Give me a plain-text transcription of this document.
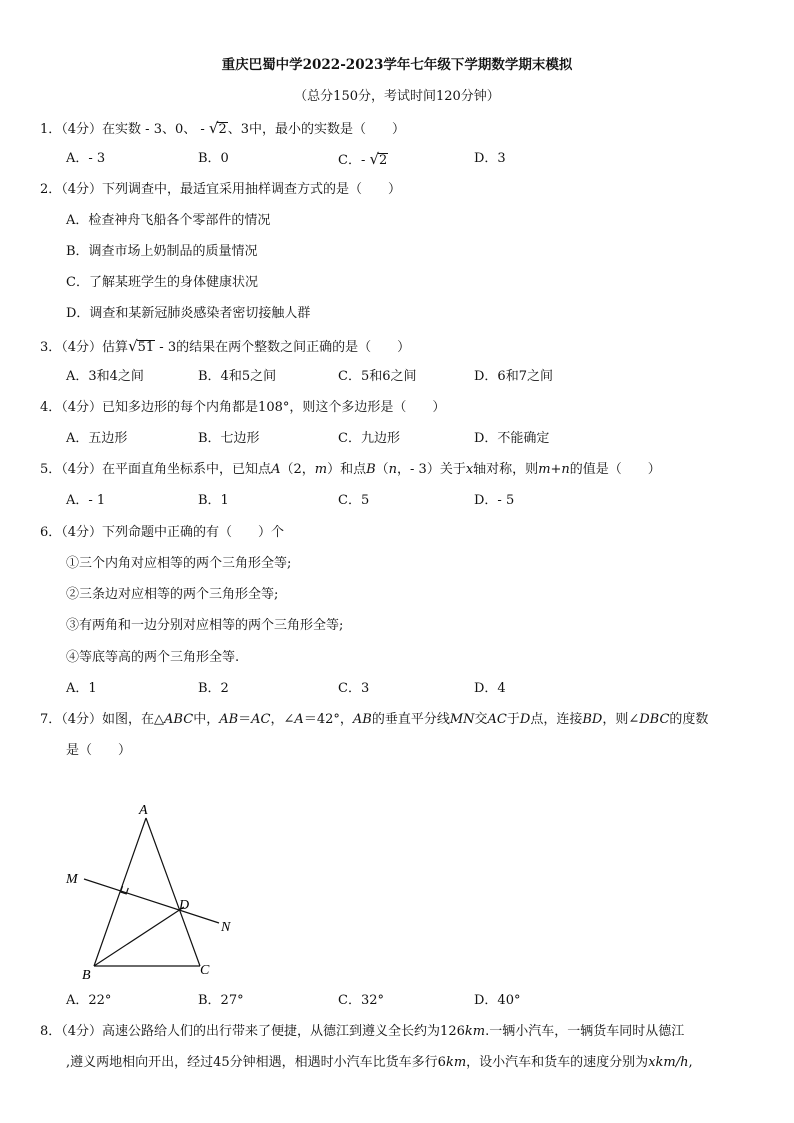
重庆巴蜀中学2022-2023学年七年级下学期数学期末模拟
（总分150分，考试时间120分钟）
1．（4分）在实数 - 3、0、 - √2、3中，最小的实数是（　　）
A．- 3	B．0	C．- √2	D．3
2．（4分）下列调查中，最适宜采用抽样调查方式的是（　　）
A．检查神舟飞船各个零部件的情况
B．调查市场上奶制品的质量情况
C．了解某班学生的身体健康状况
D．调查和某新冠肺炎感染者密切接触人群
3．（4分）估算√51 - 3的结果在两个整数之间正确的是（　　）
A．3和4之间	B．4和5之间	C．5和6之间	D．6和7之间
4．（4分）已知多边形的每个内角都是108°，则这个多边形是（　　）
A．五边形	B．七边形	C．九边形	D．不能确定
5．（4分）在平面直角坐标系中，已知点A（2，m）和点B（n，- 3）关于x轴对称，则m+n的值是（　　）
A．- 1	B．1	C．5	D．- 5
6．（4分）下列命题中正确的有（　　）个
①三个内角对应相等的两个三角形全等;
②三条边对应相等的两个三角形全等;
③有两角和一边分别对应相等的两个三角形全等;
④等底等高的两个三角形全等.
A．1	B．2	C．3	D．4
7．（4分）如图，在△ABC中，AB＝AC，∠A＝42°，AB的垂直平分线MN交AC于D点，连接BD，则∠DBC的度数
是（　　）
A
M
D
N
B	C
A．22°	B．27°	C．32°	D．40°
8．（4分）高速公路给人们的出行带来了便捷，从德江到遵义全长约为126km.一辆小汽车，一辆货车同时从德江
,遵义两地相向开出，经过45分钟相遇，相遇时小汽车比货车多行6km，设小汽车和货车的速度分别为xkm/h,
